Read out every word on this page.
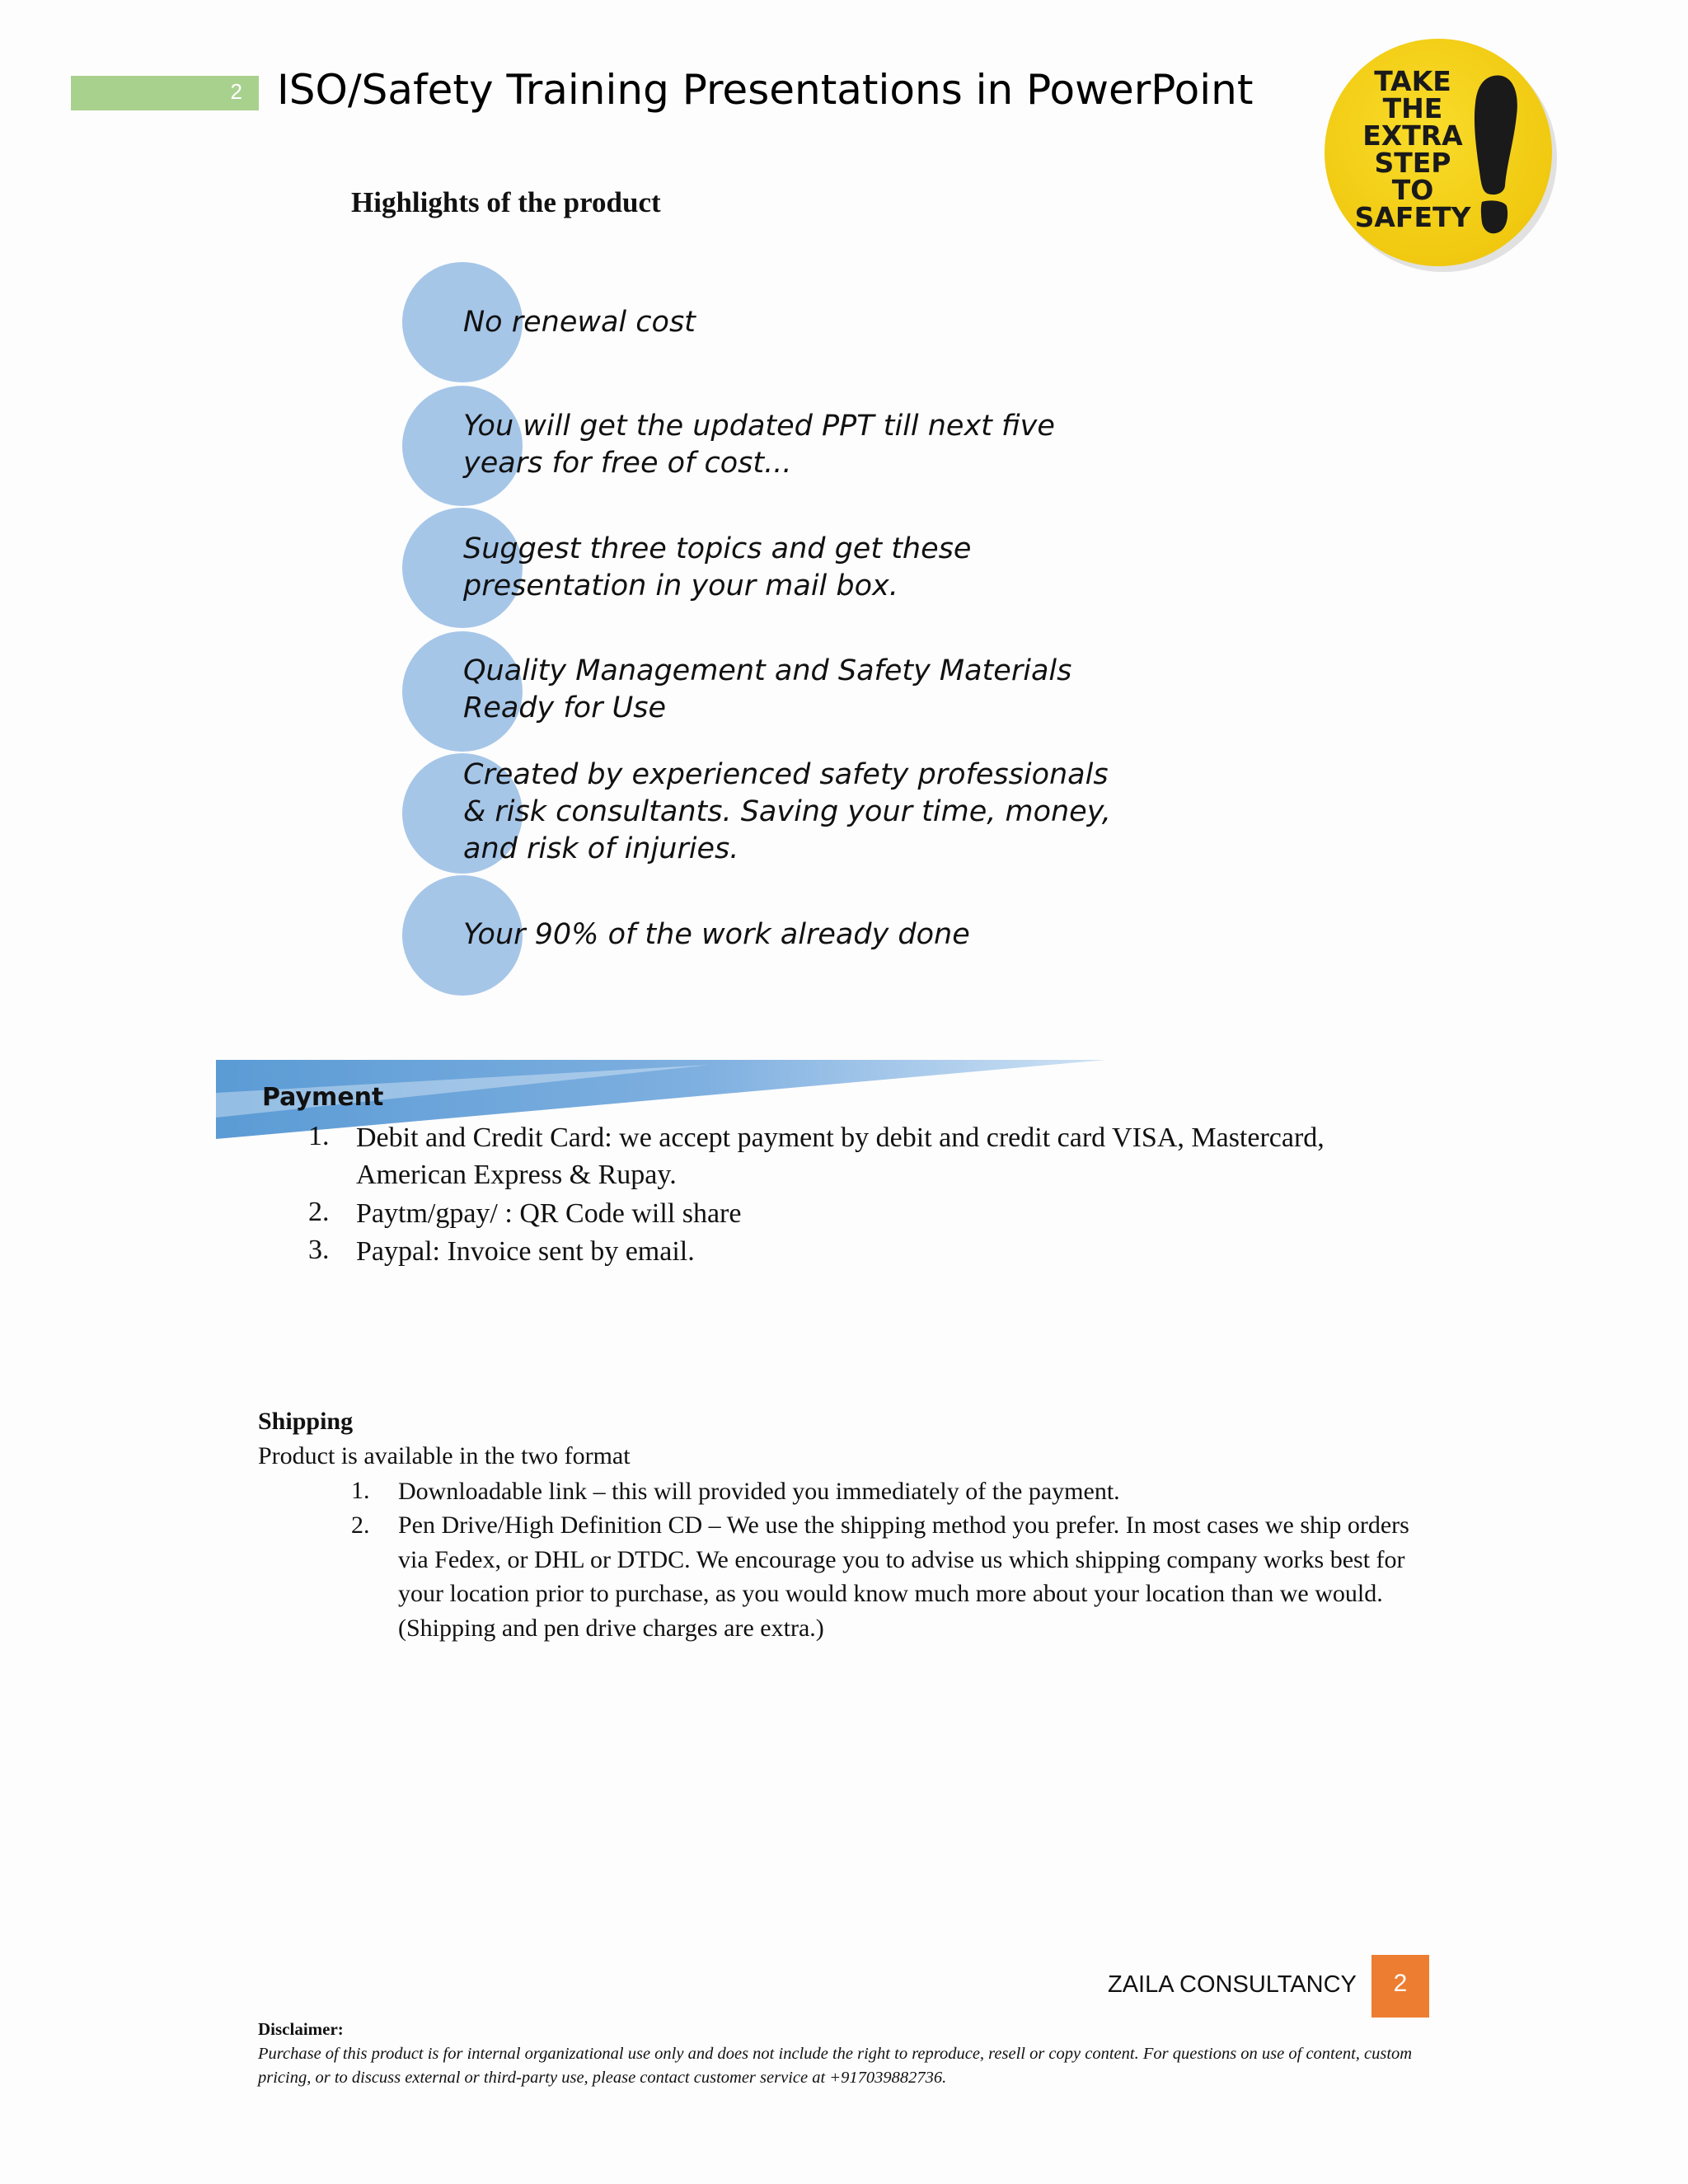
2 ISO/Safety Training Presentations in PowerPoint	TAKE
THE
EXTRA
STEP
TO
SAFETY
Highlights of the product
No renewal cost
You will get the updated PPT till next five years for free of cost...
Suggest three topics and get these presentation in your mail box.
Quality Management and Safety Materials Ready for Use
Created by experienced safety professionals & risk consultants. Saving your time, money, and risk of injuries.
Your 90% of the work already done
Payment
1. Debit and Credit Card: we accept payment by debit and credit card VISA, Mastercard, American Express & Rupay.
2. Paytm/gpay/ : QR Code will share
3. Paypal: Invoice sent by email.
Shipping
Product is available in the two format
1.	Downloadable link – this will provided you immediately of the payment.
2.	Pen Drive/High Definition CD – We use the shipping method you prefer. In most cases we ship orders via Fedex, or DHL or DTDC. We encourage you to advise us which shipping company works best for your location prior to purchase, as you would know much more about your location than we would. (Shipping and pen drive charges are extra.)
ZAILA CONSULTANCY	2
Disclaimer:
Purchase of this product is for internal organizational use only and does not include the right to reproduce, resell or copy content. For questions on use of content, custom pricing, or to discuss external or third-party use, please contact customer service at +917039882736.
